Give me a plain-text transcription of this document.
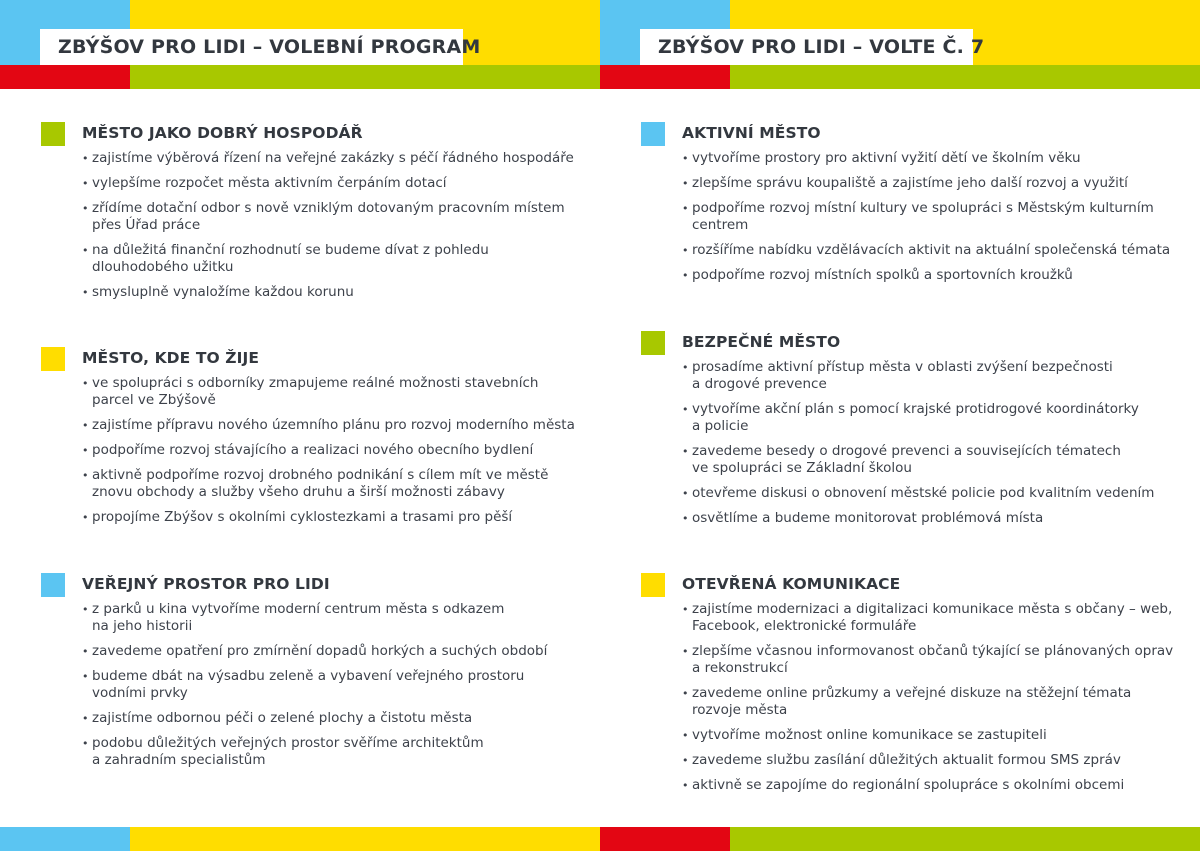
ZBÝŠOV PRO LIDI – VOLEBNÍ PROGRAM	ZBÝŠOV PRO LIDI – VOLTE Č. 7
MĚSTO JAKO DOBRÝ HOSPODÁŘ
• zajistíme výběrová řízení na veřejné zakázky s péčí řádného hospodáře
• vylepšíme rozpočet města aktivním čerpáním dotací
• zřídíme dotační odbor s nově vzniklým dotovaným pracovním místem
přes Úřad práce
• na důležitá finanční rozhodnutí se budeme dívat z pohledu
dlouhodobého užitku
• smysluplně vynaložíme každou korunu
MĚSTO, KDE TO ŽIJE
• ve spolupráci s odborníky zmapujeme reálné možnosti stavebních
parcel ve Zbýšově
• zajistíme přípravu nového územního plánu pro rozvoj moderního města
• podpoříme rozvoj stávajícího a realizaci nového obecního bydlení
• aktivně podpoříme rozvoj drobného podnikání s cílem mít ve městě
znovu obchody a služby všeho druhu a širší možnosti zábavy
• propojíme Zbýšov s okolními cyklostezkami a trasami pro pěší
VEŘEJNÝ PROSTOR PRO LIDI
• z parků u kina vytvoříme moderní centrum města s odkazem
na jeho historii
• zavedeme opatření pro zmírnění dopadů horkých a suchých období
• budeme dbát na výsadbu zeleně a vybavení veřejného prostoru
vodními prvky
• zajistíme odbornou péči o zelené plochy a čistotu města
• podobu důležitých veřejných prostor svěříme architektům
a zahradním specialistům
AKTIVNÍ MĚSTO
• vytvoříme prostory pro aktivní vyžití dětí ve školním věku
• zlepšíme správu koupaliště a zajistíme jeho další rozvoj a využití
• podpoříme rozvoj místní kultury ve spolupráci s Městským kulturním
centrem
• rozšíříme nabídku vzdělávacích aktivit na aktuální společenská témata
• podpoříme rozvoj místních spolků a sportovních kroužků
BEZPEČNÉ MĚSTO
• prosadíme aktivní přístup města v oblasti zvýšení bezpečnosti
a drogové prevence
• vytvoříme akční plán s pomocí krajské protidrogové koordinátorky
a policie
• zavedeme besedy o drogové prevenci a souvisejících tématech
ve spolupráci se Základní školou
• otevřeme diskusi o obnovení městské policie pod kvalitním vedením
• osvětlíme a budeme monitorovat problémová místa
OTEVŘENÁ KOMUNIKACE
• zajistíme modernizaci a digitalizaci komunikace města s občany – web,
Facebook, elektronické formuláře
• zlepšíme včasnou informovanost občanů týkající se plánovaných oprav
a rekonstrukcí
• zavedeme online průzkumy a veřejné diskuze na stěžejní témata
rozvoje města
• vytvoříme možnost online komunikace se zastupiteli
• zavedeme službu zasílání důležitých aktualit formou SMS zpráv
• aktivně se zapojíme do regionální spolupráce s okolními obcemi
